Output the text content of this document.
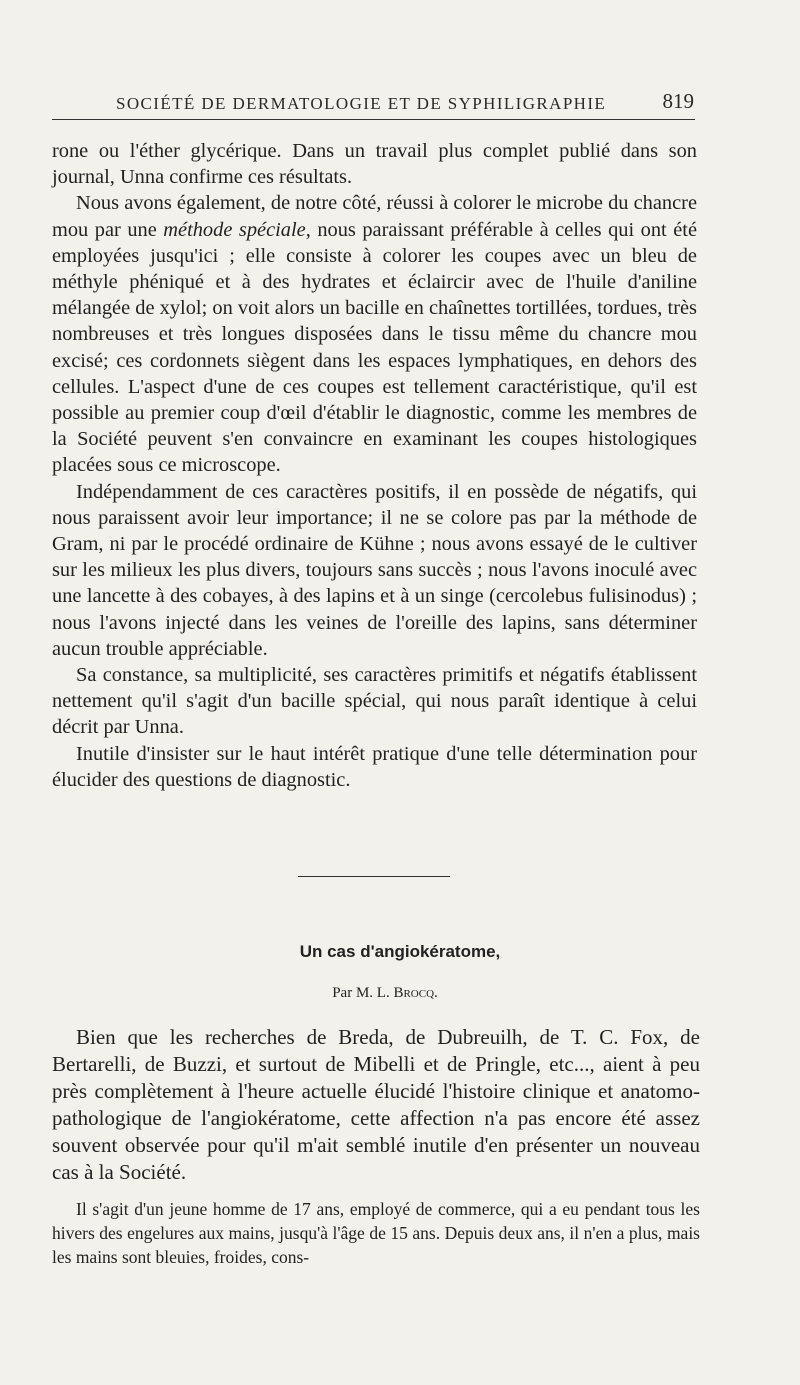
SOCIÉTÉ DE DERMATOLOGIE ET DE SYPHILIGRAPHIE	819

rone ou l'éther glycérique. Dans un travail plus complet publié dans son journal, Unna confirme ces résultats.

Nous avons également, de notre côté, réussi à colorer le microbe du chancre mou par une méthode spéciale, nous paraissant préférable à celles qui ont été employées jusqu'ici ; elle consiste à colorer les coupes avec un bleu de méthyle phéniqué et à des hydrates et éclaircir avec de l'huile d'aniline mélangée de xylol; on voit alors un bacille en chaînettes tortillées, tordues, très nombreuses et très longues disposées dans le tissu même du chancre mou excisé; ces cordonnets siègent dans les espaces lymphatiques, en dehors des cellules. L'aspect d'une de ces coupes est tellement caractéristique, qu'il est possible au premier coup d'œil d'établir le diagnostic, comme les membres de la Société peuvent s'en convaincre en examinant les coupes histologiques placées sous ce microscope.

Indépendamment de ces caractères positifs, il en possède de négatifs, qui nous paraissent avoir leur importance; il ne se colore pas par la méthode de Gram, ni par le procédé ordinaire de Kühne ; nous avons essayé de le cultiver sur les milieux les plus divers, toujours sans succès ; nous l'avons inoculé avec une lancette à des cobayes, à des lapins et à un singe (cercolebus fulisinodus) ; nous l'avons injecté dans les veines de l'oreille des lapins, sans déterminer aucun trouble appréciable.

Sa constance, sa multiplicité, ses caractères primitifs et négatifs établissent nettement qu'il s'agit d'un bacille spécial, qui nous paraît identique à celui décrit par Unna.

Inutile d'insister sur le haut intérêt pratique d'une telle détermination pour élucider des questions de diagnostic.

Un cas d'angiokératome,
Par M. L. Brocq.

Bien que les recherches de Breda, de Dubreuilh, de T. C. Fox, de Bertarelli, de Buzzi, et surtout de Mibelli et de Pringle, etc..., aient à peu près complètement à l'heure actuelle élucidé l'histoire clinique et anatomo-pathologique de l'angiokératome, cette affection n'a pas encore été assez souvent observée pour qu'il m'ait semblé inutile d'en présenter un nouveau cas à la Société.

Il s'agit d'un jeune homme de 17 ans, employé de commerce, qui a eu pendant tous les hivers des engelures aux mains, jusqu'à l'âge de 15 ans. Depuis deux ans, il n'en a plus, mais les mains sont bleuies, froides, cons-
